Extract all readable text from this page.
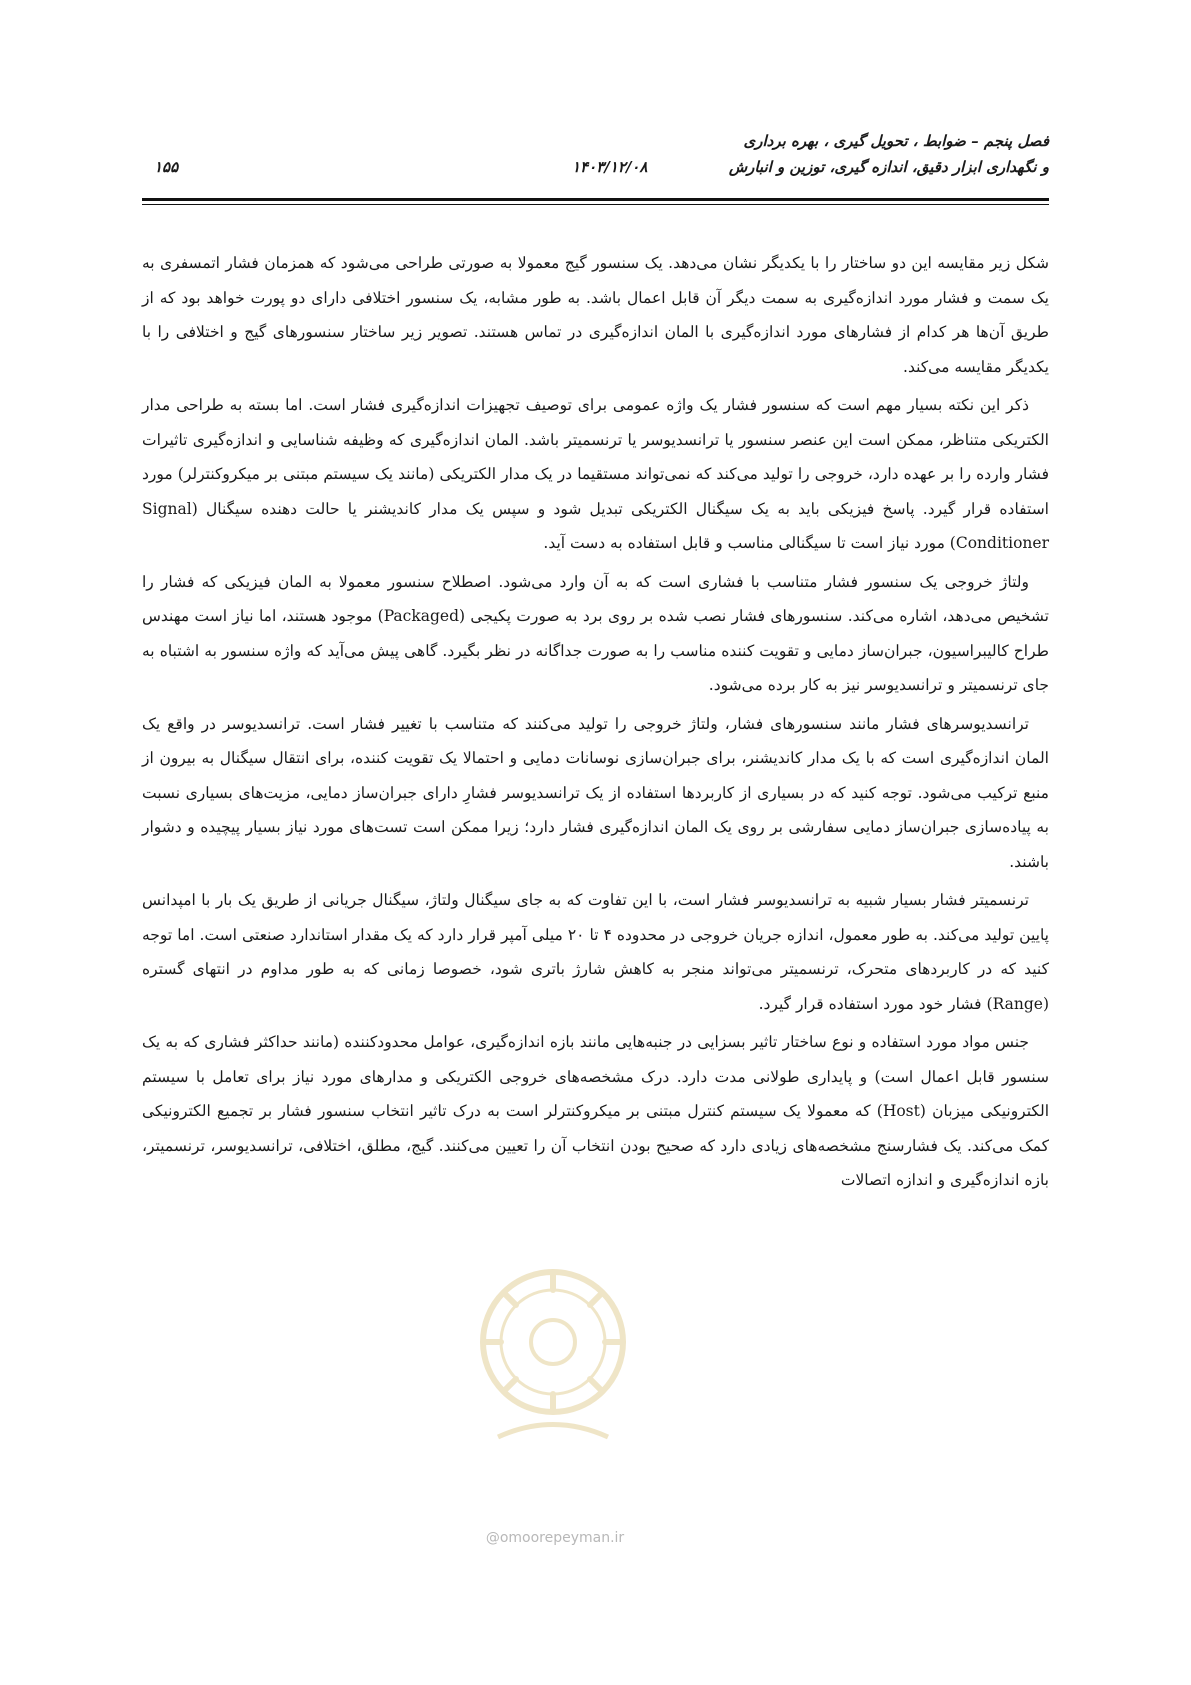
فصل پنجم – ضوابط ، تحویل گیری ، بهره برداری
و نگهداری ابزار دقیق، اندازه گیری، توزین و انبارش
۱۴۰۳/۱۲/۰۸
۱۵۵

شکل زیر مقایسه این دو ساختار را با یکدیگر نشان می‌دهد. یک سنسور گیج معمولا به صورتی طراحی می‌شود که همزمان فشار اتمسفری به یک سمت و فشار مورد اندازه‌گیری به سمت دیگر آن قابل اعمال باشد. به طور مشابه، یک سنسور اختلافی دارای دو پورت خواهد بود که از طریق آن‌ها هر کدام از فشارهای مورد اندازه‌گیری با المان اندازه‌گیری در تماس هستند. تصویر زیر ساختار سنسورهای گیج و اختلافی را با یکدیگر مقایسه می‌کند.

ذکر این نکته بسیار مهم است که سنسور فشار یک واژه عمومی برای توصیف تجهیزات اندازه‌گیری فشار است. اما بسته به طراحی مدار الکتریکی متناظر، ممکن است این عنصر سنسور یا ترانسدیوسر یا ترنسمیتر باشد. المان اندازه‌گیری که وظیفه شناسایی و اندازه‌گیری تاثیرات فشار وارده را بر عهده دارد، خروجی را تولید می‌کند که نمی‌تواند مستقیما در یک مدار الکتریکی (مانند یک سیستم مبتنی بر میکروکنترلر) مورد استفاده قرار گیرد. پاسخ فیزیکی باید به یک سیگنال الکتریکی تبدیل شود و سپس یک مدار کاندیشنر یا حالت دهنده سیگنال (Signal Conditioner) مورد نیاز است تا سیگنالی مناسب و قابل استفاده به دست آید.

ولتاژ خروجی یک سنسور فشار متناسب با فشاری است که به آن وارد می‌شود. اصطلاح سنسور معمولا به المان فیزیکی که فشار را تشخیص می‌دهد، اشاره می‌کند. سنسورهای فشار نصب شده بر روی برد به صورت پکیجی (Packaged) موجود هستند، اما نیاز است مهندس طراح کالیبراسیون، جبران‌ساز دمایی و تقویت کننده مناسب را به صورت جداگانه در نظر بگیرد. گاهی پیش می‌آید که واژه سنسور به اشتباه به جای ترنسمیتر و ترانسدیوسر نیز به کار برده می‌شود.

ترانسدیوسرهای فشار مانند سنسورهای فشار، ولتاژ خروجی را تولید می‌کنند که متناسب با تغییر فشار است. ترانسدیوسر در واقع یک المان اندازه‌گیری است که با یک مدار کاندیشنر، برای جبران‌سازی نوسانات دمایی و احتمالا یک تقویت کننده، برای انتقال سیگنال به بیرون از منبع ترکیب می‌شود. توجه کنید که در بسیاری از کاربردها استفاده از یک ترانسدیوسر فشارِ دارای جبران‌ساز دمایی، مزیت‌های بسیاری نسبت به پیاده‌سازی جبران‌ساز دمایی سفارشی بر روی یک المان اندازه‌گیری فشار دارد؛ زیرا ممکن است تست‌های مورد نیاز بسیار پیچیده و دشوار باشند.

ترنسمیتر فشار بسیار شبیه به ترانسدیوسر فشار است، با این تفاوت که به جای سیگنال ولتاژ، سیگنال جریانی از طریق یک بار با امپدانس پایین تولید می‌کند. به طور معمول، اندازه جریان خروجی در محدوده ۴ تا ۲۰ میلی آمپر قرار دارد که یک مقدار استاندارد صنعتی است. اما توجه کنید که در کاربردهای متحرک، ترنسمیتر می‌تواند منجر به کاهش شارژ باتری شود، خصوصا زمانی که به طور مداوم در انتهای گستره (Range) فشار خود مورد استفاده قرار گیرد.

جنس مواد مورد استفاده و نوع ساختار تاثیر بسزایی در جنبه‌هایی مانند بازه اندازه‌گیری، عوامل محدودکننده (مانند حداکثر فشاری که به یک سنسور قابل اعمال است) و پایداری طولانی مدت دارد. درک مشخصه‌های خروجی الکتریکی و مدارهای مورد نیاز برای تعامل با سیستم الکترونیکی میزبان (Host) که معمولا یک سیستم کنترل مبتنی بر میکروکنترلر است به درک تاثیر انتخاب سنسور فشار بر تجمیع الکترونیکی کمک می‌کند. یک فشارسنج مشخصه‌های زیادی دارد که صحیح بودن انتخاب آن را تعیین می‌کنند. گیج، مطلق، اختلافی، ترانسدیوسر، ترنسمیتر، بازه اندازه‌گیری و اندازه اتصالات

@omoorepeyman.ir
